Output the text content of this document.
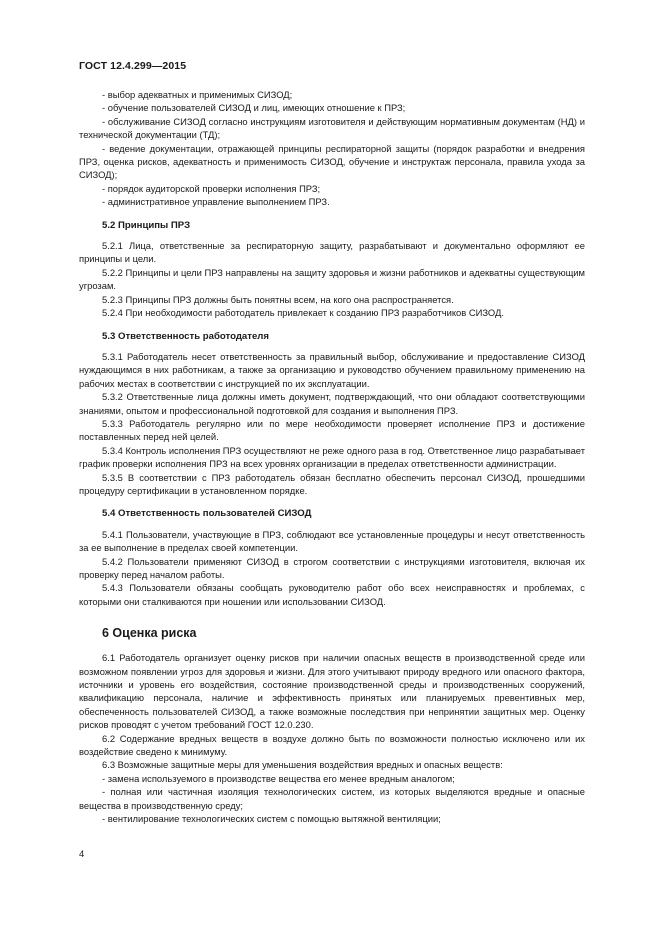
ГОСТ 12.4.299—2015
- выбор адекватных и применимых СИЗОД;
- обучение пользователей СИЗОД и лиц, имеющих отношение к ПРЗ;
- обслуживание СИЗОД согласно инструкциям изготовителя и действующим нормативным документам (НД) и технической документации (ТД);
- ведение документации, отражающей принципы респираторной защиты (порядок разработки и внедрения ПРЗ, оценка рисков, адекватность и применимость СИЗОД, обучение и инструктаж персонала, правила ухода за СИЗОД);
- порядок аудиторской проверки исполнения ПРЗ;
- административное управление выполнением ПРЗ.
5.2 Принципы ПРЗ
5.2.1 Лица, ответственные за респираторную защиту, разрабатывают и документально оформляют ее принципы и цели.
5.2.2 Принципы и цели ПРЗ направлены на защиту здоровья и жизни работников и адекватны существующим угрозам.
5.2.3 Принципы ПРЗ должны быть понятны всем, на кого она распространяется.
5.2.4 При необходимости работодатель привлекает к созданию ПРЗ разработчиков СИЗОД.
5.3 Ответственность работодателя
5.3.1 Работодатель несет ответственность за правильный выбор, обслуживание и предоставление СИЗОД нуждающимся в них работникам, а также за организацию и руководство обучением правильному применению на рабочих местах в соответствии с инструкцией по их эксплуатации.
5.3.2 Ответственные лица должны иметь документ, подтверждающий, что они обладают соответствующими знаниями, опытом и профессиональной подготовкой для создания и выполнения ПРЗ.
5.3.3 Работодатель регулярно или по мере необходимости проверяет исполнение ПРЗ и достижение поставленных перед ней целей.
5.3.4 Контроль исполнения ПРЗ осуществляют не реже одного раза в год. Ответственное лицо разрабатывает график проверки исполнения ПРЗ на всех уровнях организации в пределах ответственности администрации.
5.3.5 В соответствии с ПРЗ работодатель обязан бесплатно обеспечить персонал СИЗОД, прошедшими процедуру сертификации в установленном порядке.
5.4 Ответственность пользователей СИЗОД
5.4.1 Пользователи, участвующие в ПРЗ, соблюдают все установленные процедуры и несут ответственность за ее выполнение в пределах своей компетенции.
5.4.2 Пользователи применяют СИЗОД в строгом соответствии с инструкциями изготовителя, включая их проверку перед началом работы.
5.4.3 Пользователи обязаны сообщать руководителю работ обо всех неисправностях и проблемах, с которыми они сталкиваются при ношении или использовании СИЗОД.
6 Оценка риска
6.1 Работодатель организует оценку рисков при наличии опасных веществ в производственной среде или возможном появлении угроз для здоровья и жизни. Для этого учитывают природу вредного или опасного фактора, источники и уровень его воздействия, состояние производственной среды и производственных сооружений, квалификацию персонала, наличие и эффективность принятых или планируемых превентивных мер, обеспеченность пользователей СИЗОД, а также возможные последствия при непринятии защитных мер. Оценку рисков проводят с учетом требований ГОСТ 12.0.230.
6.2 Содержание вредных веществ в воздухе должно быть по возможности полностью исключено или их воздействие сведено к минимуму.
6.3 Возможные защитные меры для уменьшения воздействия вредных и опасных веществ:
- замена используемого в производстве вещества его менее вредным аналогом;
- полная или частичная изоляция технологических систем, из которых выделяются вредные и опасные вещества в производственную среду;
- вентилирование технологических систем с помощью вытяжной вентиляции;
4
